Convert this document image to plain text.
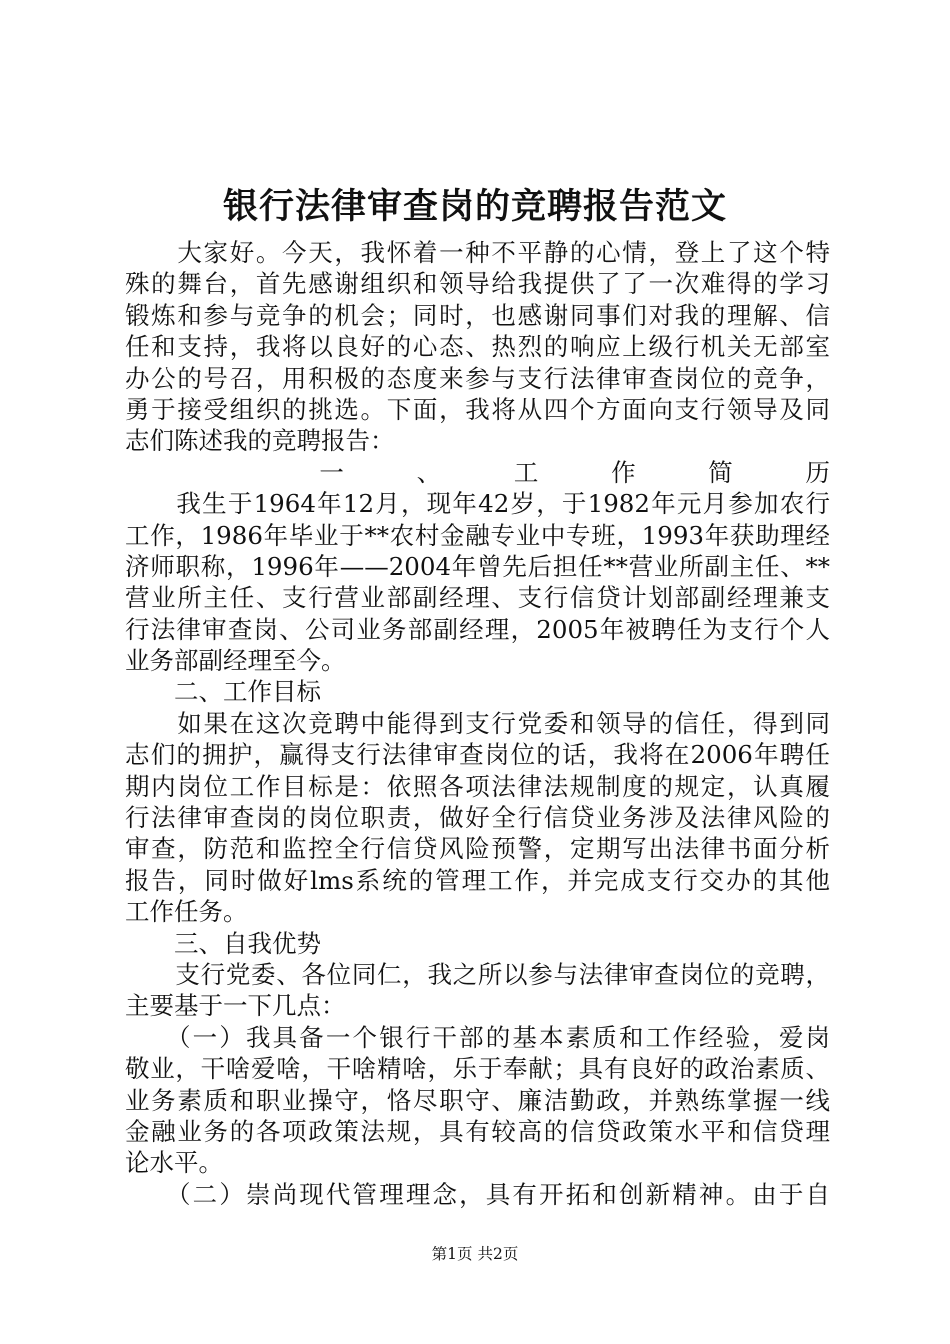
银行法律审查岗的竞聘报告范文
　　大家好。今天，我怀着一种不平静的心情，登上了这个特
殊的舞台，首先感谢组织和领导给我提供了了一次难得的学习
锻炼和参与竞争的机会；同时，也感谢同事们对我的理解、信
任和支持，我将以良好的心态、热烈的响应上级行机关无部室
办公的号召，用积极的态度来参与支行法律审查岗位的竞争，
勇于接受组织的挑选。下面，我将从四个方面向支行领导及同
志们陈述我的竞聘报告：
　　一、工作简历
　　我生于1964年12月，现年42岁，于1982年元月参加农行
工作，1986年毕业于**农村金融专业中专班，1993年获助理经
济师职称，1996年——2004年曾先后担任**营业所副主任、**
营业所主任、支行营业部副经理、支行信贷计划部副经理兼支
行法律审查岗、公司业务部副经理，2005年被聘任为支行个人
业务部副经理至今。
　　二、工作目标
　　如果在这次竞聘中能得到支行党委和领导的信任，得到同
志们的拥护，赢得支行法律审查岗位的话，我将在2006年聘任
期内岗位工作目标是：依照各项法律法规制度的规定，认真履
行法律审查岗的岗位职责，做好全行信贷业务涉及法律风险的
审查，防范和监控全行信贷风险预警，定期写出法律书面分析
报告，同时做好lms系统的管理工作，并完成支行交办的其他
工作任务。
　　三、自我优势
　　支行党委、各位同仁，我之所以参与法律审查岗位的竞聘，
主要基于一下几点：
　　（一）我具备一个银行干部的基本素质和工作经验，爱岗
敬业，干啥爱啥，干啥精啥，乐于奉献；具有良好的政治素质、
业务素质和职业操守，恪尽职守、廉洁勤政，并熟练掌握一线
金融业务的各项政策法规，具有较高的信贷政策水平和信贷理
论水平。
　　（二）崇尚现代管理理念，具有开拓和创新精神。由于自
第1页 共2页
